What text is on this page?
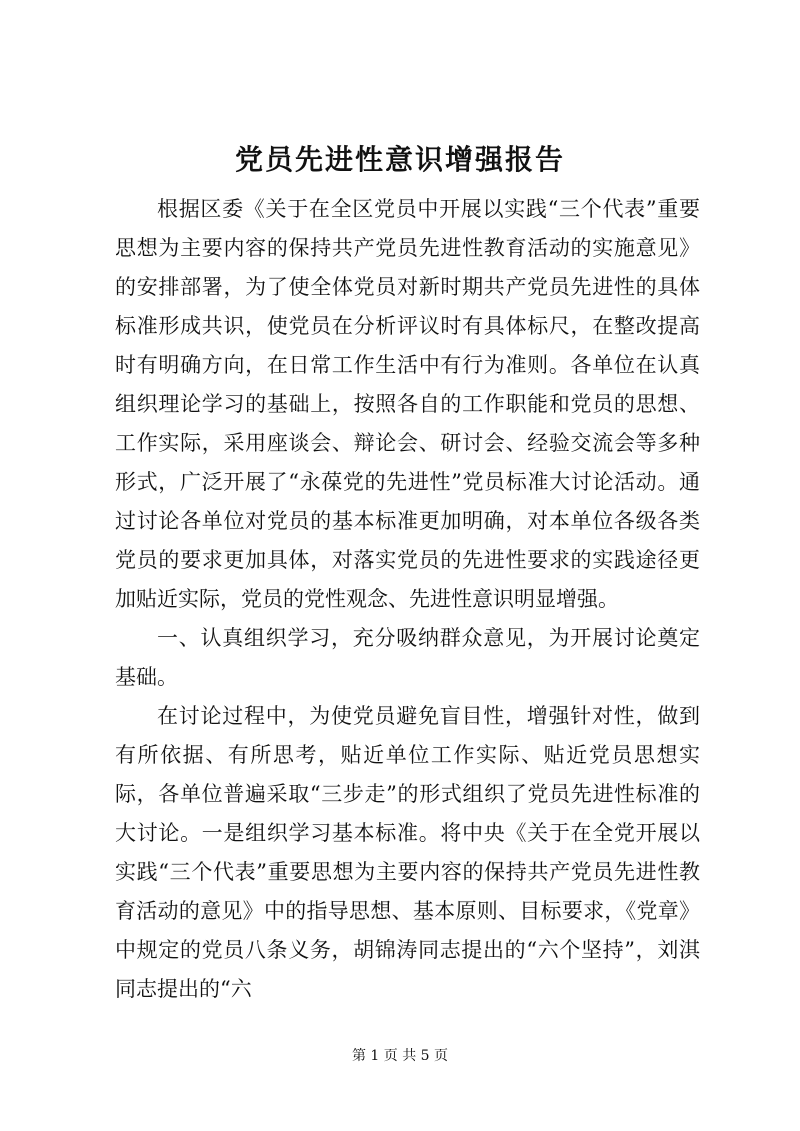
党员先进性意识增强报告

根据区委《关于在全区党员中开展以实践“三个代表”重要思想为主要内容的保持共产党员先进性教育活动的实施意见》的安排部署，为了使全体党员对新时期共产党员先进性的具体标准形成共识，使党员在分析评议时有具体标尺，在整改提高时有明确方向，在日常工作生活中有行为准则。各单位在认真组织理论学习的基础上，按照各自的工作职能和党员的思想、工作实际，采用座谈会、辩论会、研讨会、经验交流会等多种形式，广泛开展了“永葆党的先进性”党员标准大讨论活动。通过讨论各单位对党员的基本标准更加明确，对本单位各级各类党员的要求更加具体，对落实党员的先进性要求的实践途径更加贴近实际，党员的党性观念、先进性意识明显增强。

一、认真组织学习，充分吸纳群众意见，为开展讨论奠定基础。

在讨论过程中，为使党员避免盲目性，增强针对性，做到有所依据、有所思考，贴近单位工作实际、贴近党员思想实际，各单位普遍采取“三步走”的形式组织了党员先进性标准的大讨论。一是组织学习基本标准。将中央《关于在全党开展以实践“三个代表”重要思想为主要内容的保持共产党员先进性教育活动的意见》中的指导思想、基本原则、目标要求，《党章》中规定的党员八条义务，胡锦涛同志提出的“六个坚持”，刘淇同志提出的“六

第 1 页 共 5 页
